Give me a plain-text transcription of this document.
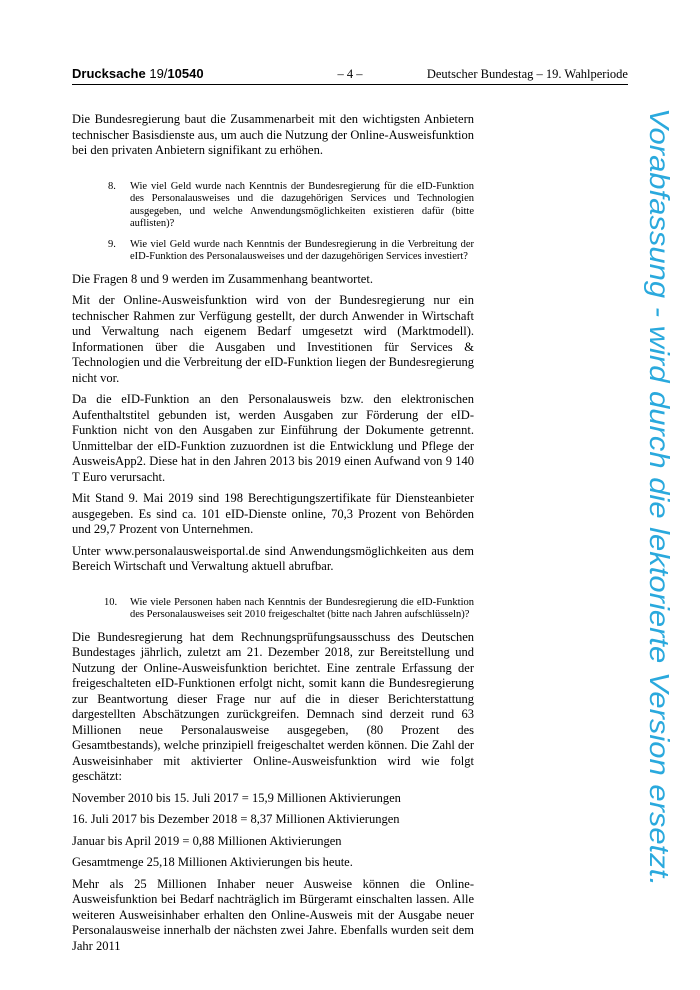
Drucksache 19/10540	– 4 –	Deutscher Bundestag – 19. Wahlperiode

Die Bundesregierung baut die Zusammenarbeit mit den wichtigsten Anbietern technischer Basisdienste aus, um auch die Nutzung der Online-Ausweisfunktion bei den privaten Anbietern signifikant zu erhöhen.

8.	Wie viel Geld wurde nach Kenntnis der Bundesregierung für die eID-Funktion des Personalausweises und die dazugehörigen Services und Technologien ausgegeben, und welche Anwendungsmöglichkeiten existieren dafür (bitte auflisten)?
9.	Wie viel Geld wurde nach Kenntnis der Bundesregierung in die Verbreitung der eID-Funktion des Personalausweises und der dazugehörigen Services investiert?

Die Fragen 8 und 9 werden im Zusammenhang beantwortet.

Mit der Online-Ausweisfunktion wird von der Bundesregierung nur ein technischer Rahmen zur Verfügung gestellt, der durch Anwender in Wirtschaft und Verwaltung nach eigenem Bedarf umgesetzt wird (Marktmodell). Informationen über die Ausgaben und Investitionen für Services & Technologien und die Verbreitung der eID-Funktion liegen der Bundesregierung nicht vor.

Da die eID-Funktion an den Personalausweis bzw. den elektronischen Aufenthaltstitel gebunden ist, werden Ausgaben zur Förderung der eID-Funktion nicht von den Ausgaben zur Einführung der Dokumente getrennt. Unmittelbar der eID-Funktion zuzuordnen ist die Entwicklung und Pflege der AusweisApp2. Diese hat in den Jahren 2013 bis 2019 einen Aufwand von 9 140 T Euro verursacht.

Mit Stand 9. Mai 2019 sind 198 Berechtigungszertifikate für Diensteanbieter ausgegeben. Es sind ca. 101 eID-Dienste online, 70,3 Prozent von Behörden und 29,7 Prozent von Unternehmen.

Unter www.personalausweisportal.de sind Anwendungsmöglichkeiten aus dem Bereich Wirtschaft und Verwaltung aktuell abrufbar.

10.	Wie viele Personen haben nach Kenntnis der Bundesregierung die eID-Funktion des Personalausweises seit 2010 freigeschaltet (bitte nach Jahren aufschlüsseln)?

Die Bundesregierung hat dem Rechnungsprüfungsausschuss des Deutschen Bundestages jährlich, zuletzt am 21. Dezember 2018, zur Bereitstellung und Nutzung der Online-Ausweisfunktion berichtet. Eine zentrale Erfassung der freigeschalteten eID-Funktionen erfolgt nicht, somit kann die Bundesregierung zur Beantwortung dieser Frage nur auf die in dieser Berichterstattung dargestellten Abschätzungen zurückgreifen. Demnach sind derzeit rund 63 Millionen neue Personalausweise ausgegeben, (80 Prozent des Gesamtbestands), welche prinzipiell freigeschaltet werden können. Die Zahl der Ausweisinhaber mit aktivierter Online-Ausweisfunktion wird wie folgt geschätzt:

November 2010 bis 15. Juli 2017 = 15,9 Millionen Aktivierungen

16. Juli 2017 bis Dezember 2018 = 8,37 Millionen Aktivierungen

Januar bis April 2019 = 0,88 Millionen Aktivierungen

Gesamtmenge 25,18 Millionen Aktivierungen bis heute.

Mehr als 25 Millionen Inhaber neuer Ausweise können die Online-Ausweisfunktion bei Bedarf nachträglich im Bürgeramt einschalten lassen. Alle weiteren Ausweisinhaber erhalten den Online-Ausweis mit der Ausgabe neuer Personalausweise innerhalb der nächsten zwei Jahre. Ebenfalls wurden seit dem Jahr 2011

Vorabfassung - wird durch die lektorierte Version ersetzt.
